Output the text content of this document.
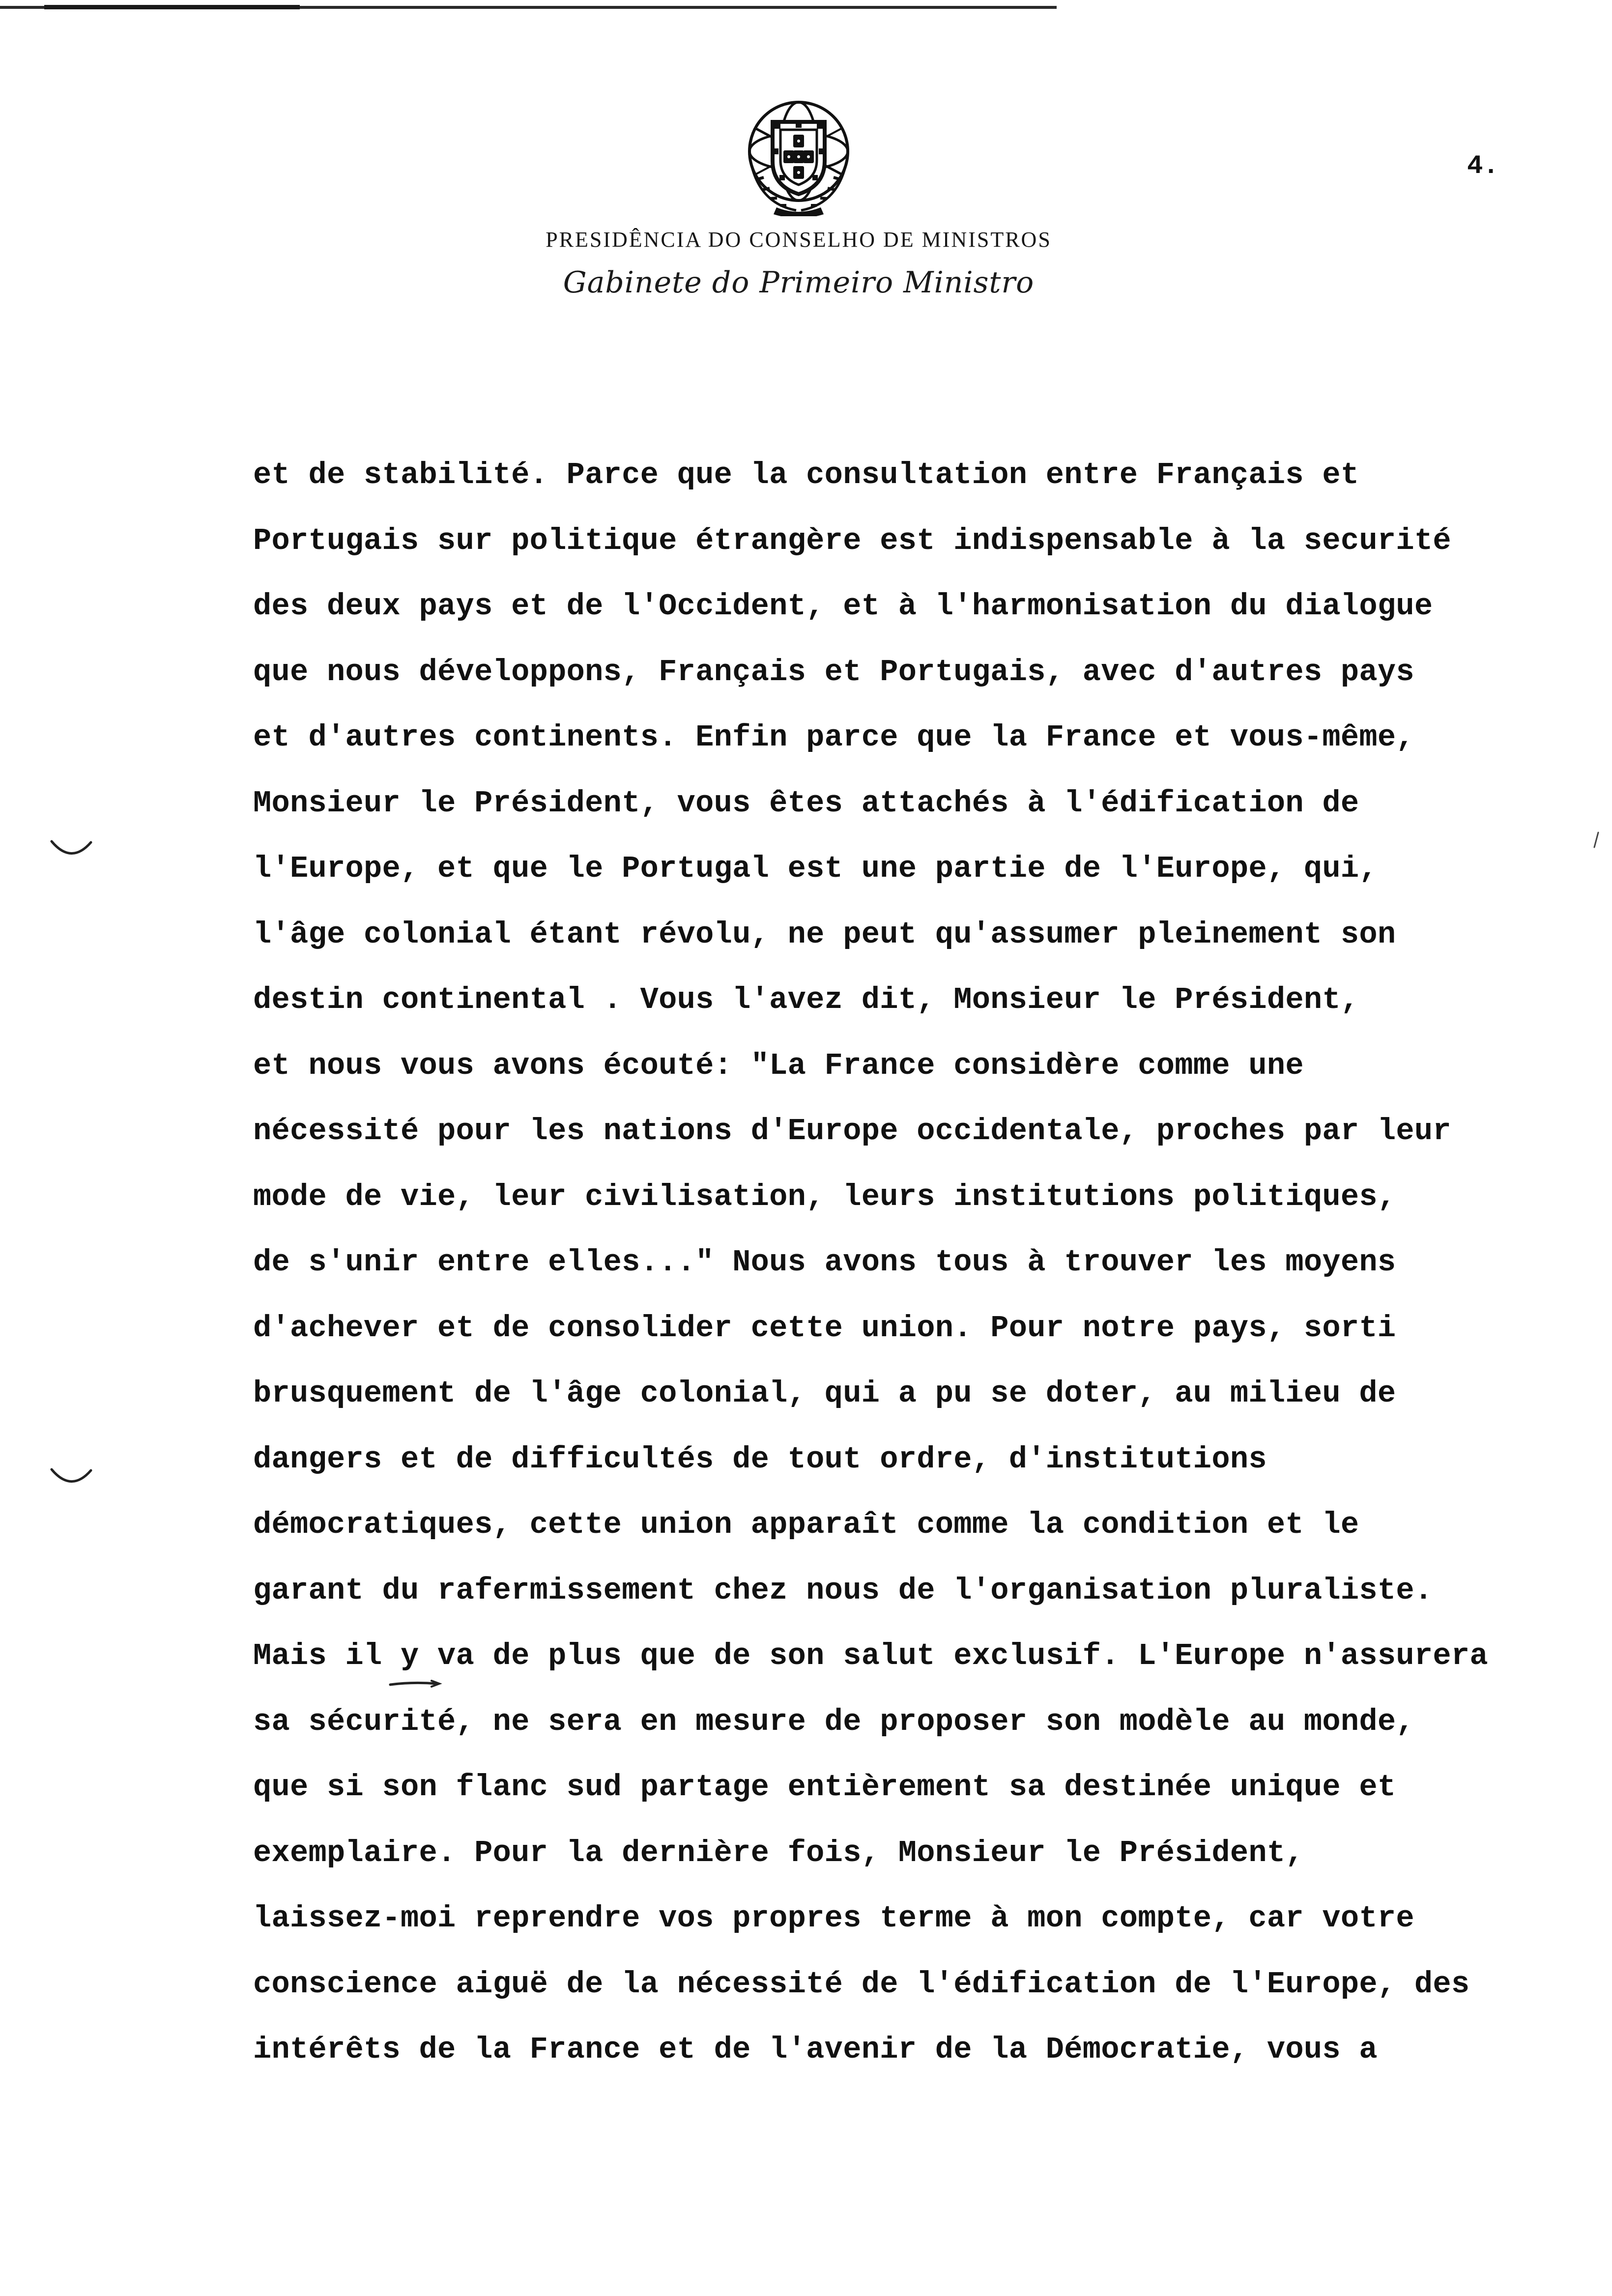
PRESIDÊNCIA DO CONSELHO DE MINISTROS
Gabinete do Primeiro Ministro
4.
et de stabilité. Parce que la consultation entre Français et
Portugais sur politique étrangère est indispensable à la securité
des deux pays et de l'Occident, et à l'harmonisation du dialogue
que nous développons, Français et Portugais, avec d'autres pays
et d'autres continents. Enfin parce que la France et vous-même,
Monsieur le Président, vous êtes attachés à l'édification de
l'Europe, et que le Portugal est une partie de l'Europe, qui,
l'âge colonial étant révolu, ne peut qu'assumer pleinement son
destin continental . Vous l'avez dit, Monsieur le Président,
et nous vous avons écouté: "La France considère comme une
nécessité pour les nations d'Europe occidentale, proches par leur
mode de vie, leur civilisation, leurs institutions politiques,
de s'unir entre elles..." Nous avons tous à trouver les moyens
d'achever et de consolider cette union. Pour notre pays, sorti
brusquement de l'âge colonial, qui a pu se doter, au milieu de
dangers et de difficultés de tout ordre, d'institutions
démocratiques, cette union apparaît comme la condition et le
garant du rafermissement chez nous de l'organisation pluraliste.
Mais il y va de plus que de son salut exclusif. L'Europe n'assurera
sa sécurité, ne sera en mesure de proposer son modèle au monde,
que si son flanc sud partage entièrement sa destinée unique et
exemplaire. Pour la dernière fois, Monsieur le Président,
laissez-moi reprendre vos propres terme à mon compte, car votre
conscience aiguë de la nécessité de l'édification de l'Europe, des
intérêts de la France et de l'avenir de la Démocratie, vous a
